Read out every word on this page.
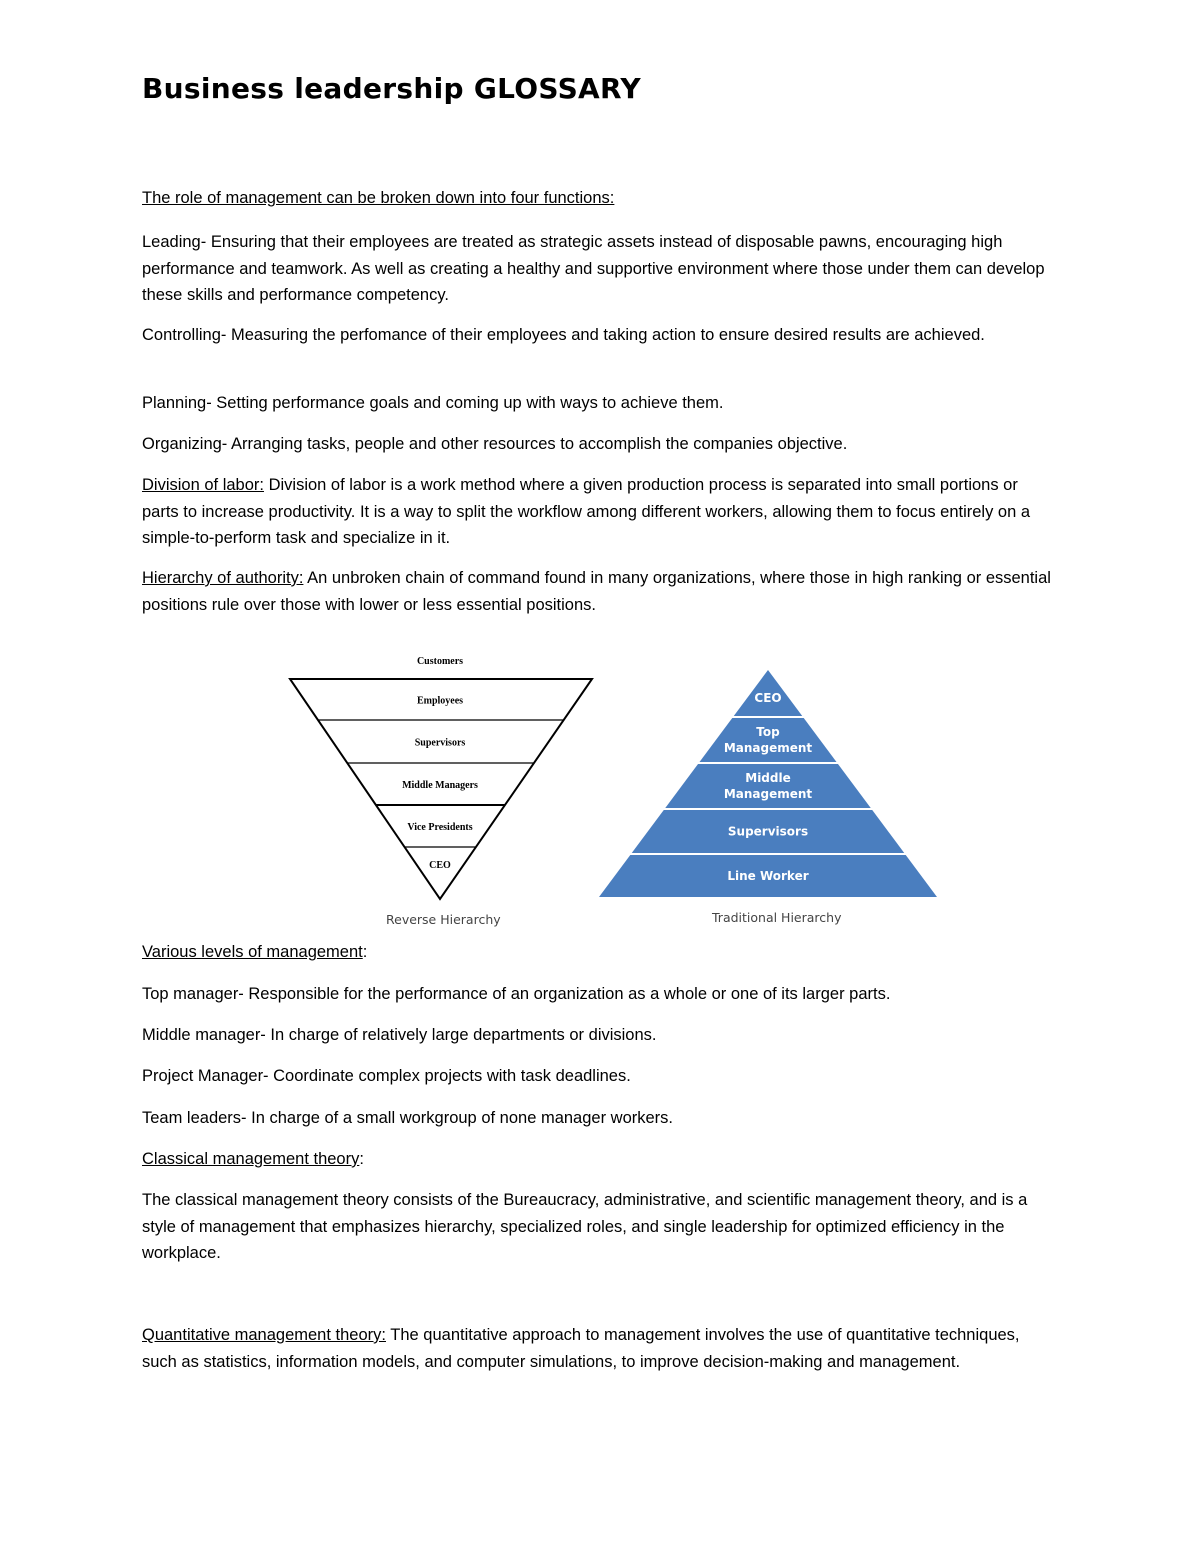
Business leadership GLOSSARY

The role of management can be broken down into four functions:

Leading- Ensuring that their employees are treated as strategic assets instead of disposable pawns, encouraging high performance and teamwork. As well as creating a healthy and supportive environment where those under them can develop these skills and performance competency.

Controlling- Measuring the perfomance of their employees and taking action to ensure desired results are achieved.

Planning- Setting performance goals and coming up with ways to achieve them.

Organizing- Arranging tasks, people and other resources to accomplish the companies objective.

Division of labor: Division of labor is a work method where a given production process is separated into small portions or parts to increase productivity. It is a way to split the workflow among different workers, allowing them to focus entirely on a simple-to-perform task and specialize in it.

Hierarchy of authority: An unbroken chain of command found in many organizations, where those in high ranking or essential positions rule over those with lower or less essential positions.

Various levels of management:

Top manager- Responsible for the performance of an organization as a whole or one of its larger parts.

Middle manager- In charge of relatively large departments or divisions.

Project Manager- Coordinate complex projects with task deadlines.

Team leaders- In charge of a small workgroup of none manager workers.

Classical management theory:

The classical management theory consists of the Bureaucracy, administrative, and scientific management theory, and is a style of management that emphasizes hierarchy, specialized roles, and single leadership for optimized efficiency in the workplace.

Quantitative management theory: The quantitative approach to management involves the use of quantitative techniques, such as statistics, information models, and computer simulations, to improve decision-making and management.

Customers
Employees
Supervisors
Middle Managers
Vice Presidents
CEO
Reverse Hierarchy
CEO
Top
Management
Middle
Management
Supervisors
Line Worker
Traditional Hierarchy
